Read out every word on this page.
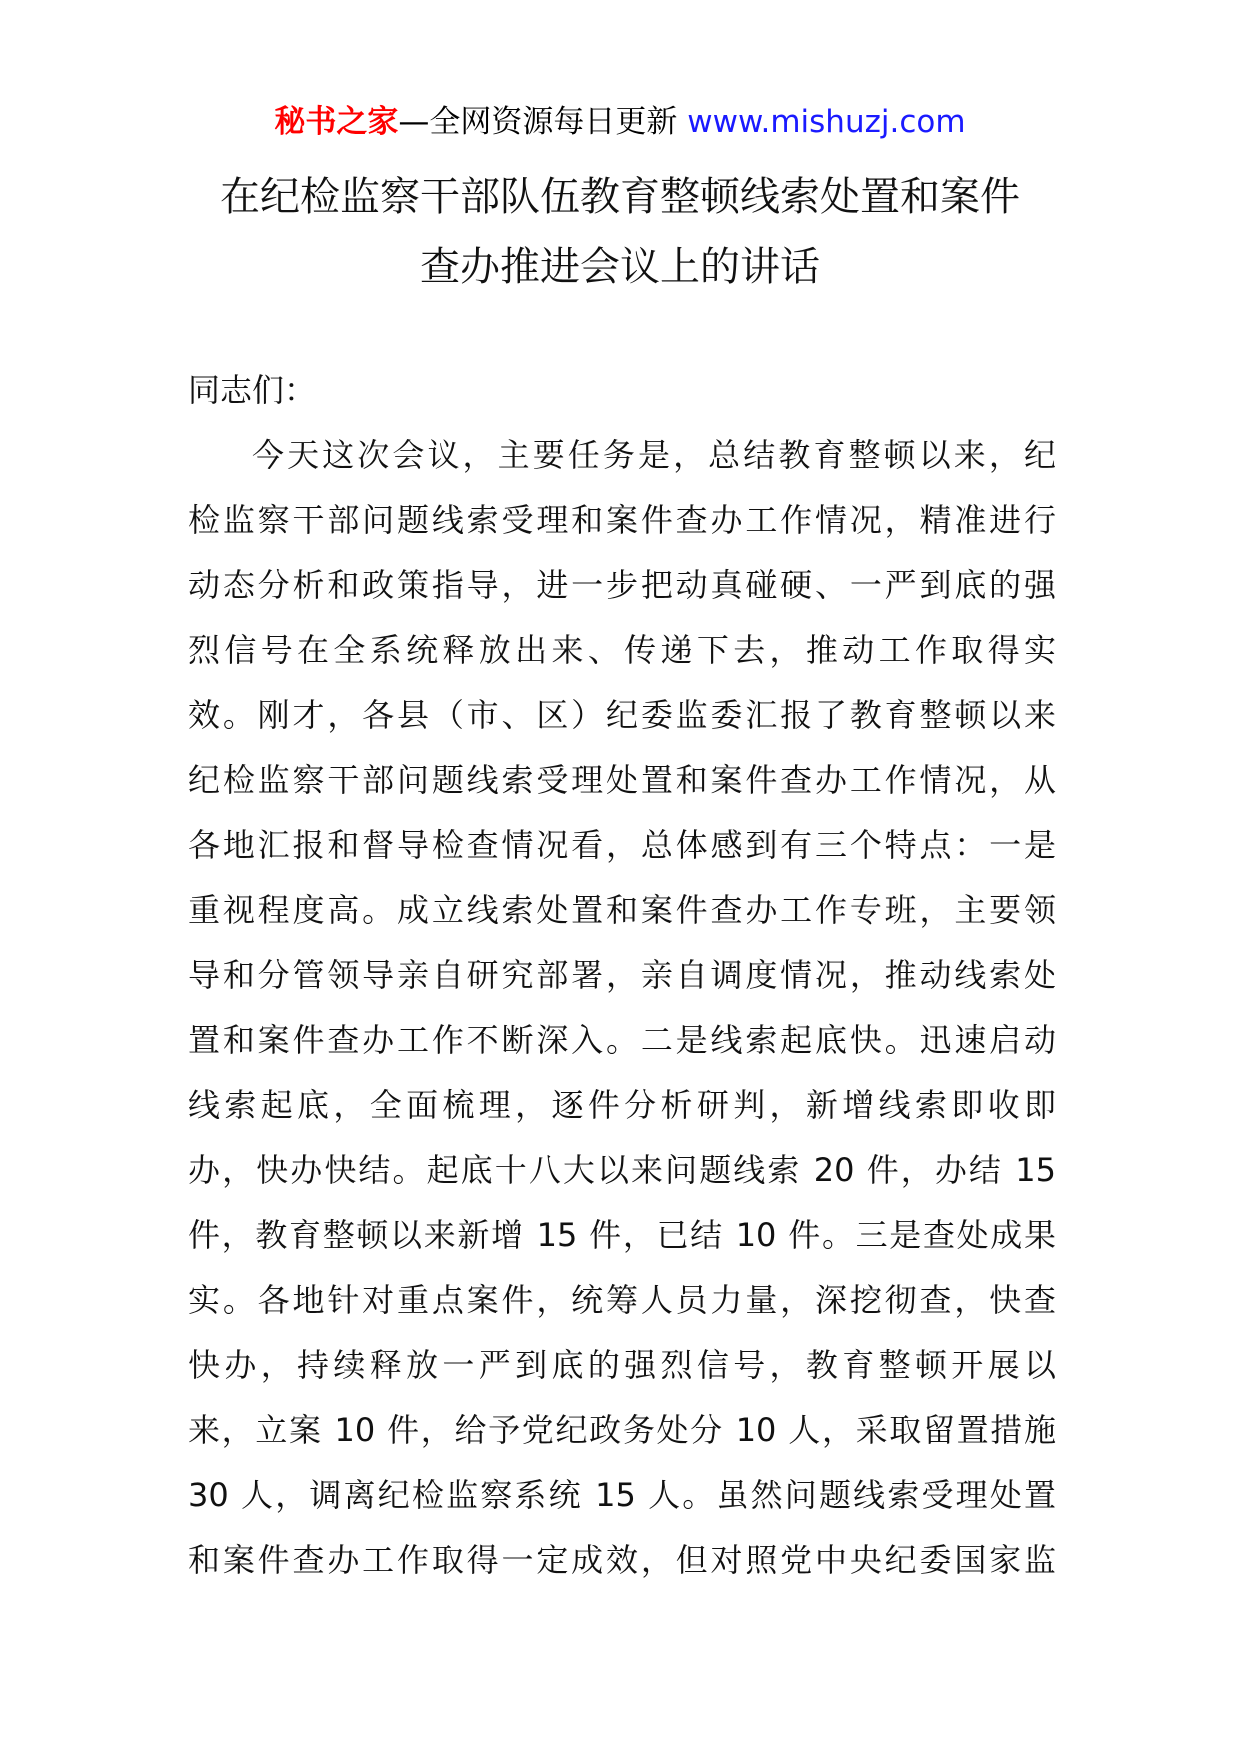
秘书之家—全网资源每日更新 www.mishuzj.com
在纪检监察干部队伍教育整顿线索处置和案件
查办推进会议上的讲话

同志们：

今天这次会议，主要任务是，总结教育整顿以来，纪
检监察干部问题线索受理和案件查办工作情况，精准进行
动态分析和政策指导，进一步把动真碰硬、一严到底的强
烈信号在全系统释放出来、传递下去，推动工作取得实
效。刚才，各县（市、区）纪委监委汇报了教育整顿以来
纪检监察干部问题线索受理处置和案件查办工作情况，从
各地汇报和督导检查情况看，总体感到有三个特点：一是
重视程度高。成立线索处置和案件查办工作专班，主要领
导和分管领导亲自研究部署，亲自调度情况，推动线索处
置和案件查办工作不断深入。二是线索起底快。迅速启动
线索起底，全面梳理，逐件分析研判，新增线索即收即
办，快办快结。起底十八大以来问题线索 20 件，办结 15
件，教育整顿以来新增 15 件，已结 10 件。三是查处成果
实。各地针对重点案件，统筹人员力量，深挖彻查，快查
快办，持续释放一严到底的强烈信号，教育整顿开展以
来，立案 10 件，给予党纪政务处分 10 人，采取留置措施
30 人，调离纪检监察系统 15 人。虽然问题线索受理处置
和案件查办工作取得一定成效，但对照党中央纪委国家监
